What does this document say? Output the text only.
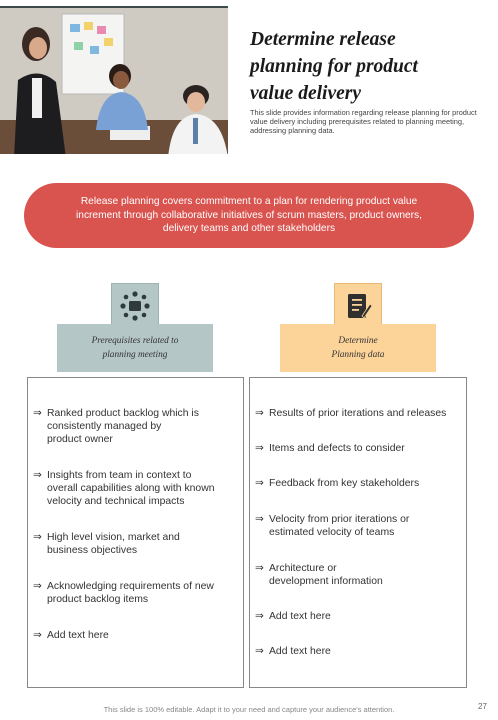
Determine release
planning for product
value delivery
This slide provides information regarding release planning for product value delivery including prerequisites related to planning meeting, addressing planning data.
Release planning covers commitment to a plan for rendering product value increment through collaborative initiatives of scrum masters, product owners, delivery teams and other stakeholders
Prerequisites related to
planning meeting
Determine
Planning data
⇒ Ranked product backlog which is
consistently managed by
product owner
⇒ Insights from team in context to
overall capabilities along with known
velocity and technical impacts
⇒ High level vision, market and
business objectives
⇒ Acknowledging requirements of new
product backlog items
⇒ Add text here
⇒ Results of prior iterations and releases
⇒ Items and defects to consider
⇒ Feedback from key stakeholders
⇒ Velocity from prior iterations or
estimated velocity of teams
⇒ Architecture or
development information
⇒ Add text here
⇒ Add text here
This slide is 100% editable. Adapt it to your need and capture your audience's attention.	27
